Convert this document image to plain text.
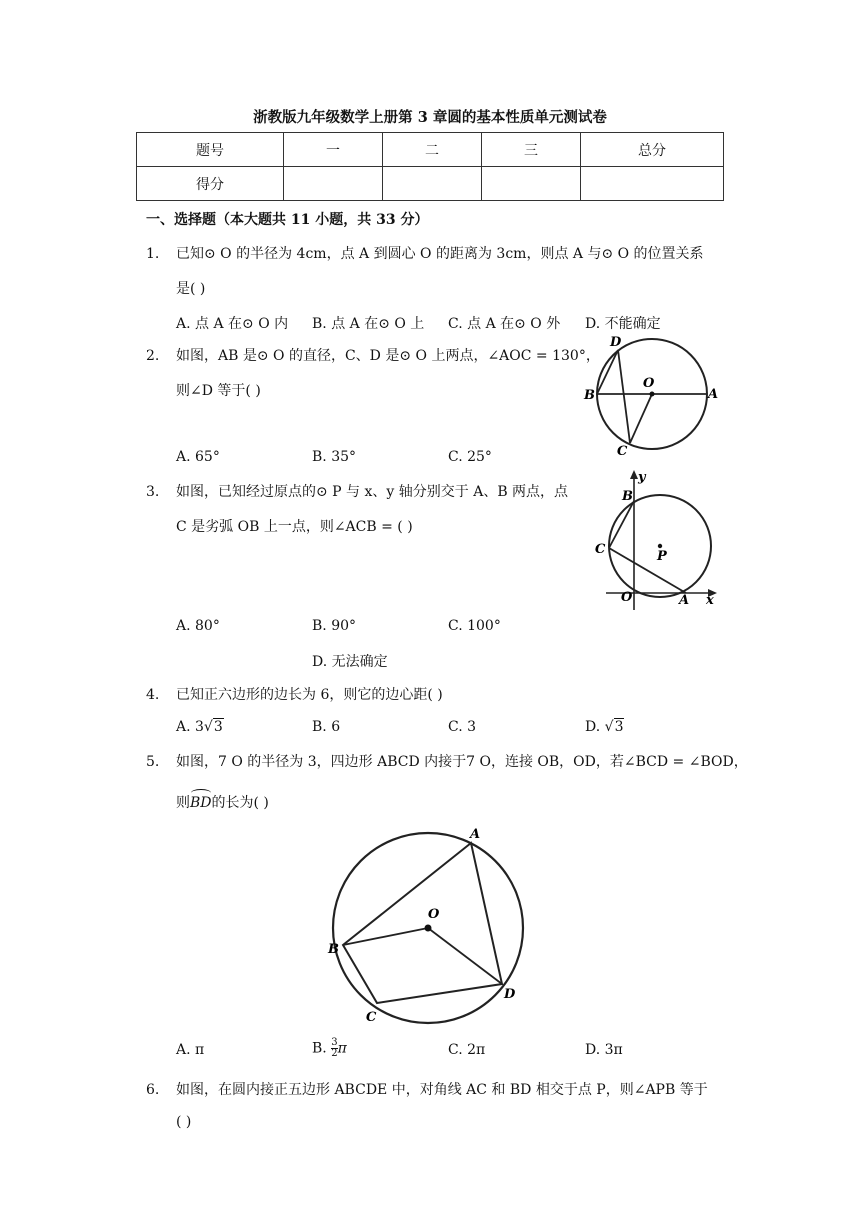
浙教版九年级数学上册第 3 章圆的基本性质单元测试卷
题号	一	二	三	总分
得分				
一、选择题（本大题共 11 小题，共 33 分）
1. 已知⊙ O 的半径为 4cm，点 A 到圆心 O 的距离为 3cm，则点 A 与⊙ O 的位置关系
是( )
A. 点 A 在⊙ O 内 B. 点 A 在⊙ O 上 C. 点 A 在⊙ O 外 D. 不能确定
2. 如图，AB 是⊙ O 的直径，C、D 是⊙ O 上两点，∠AOC = 130°，
则∠D 等于( )
A. 65°	B. 35°	C. 25°
D
O
B	A
C
3. 如图，已知经过原点的⊙ P 与 x、y 轴分别交于 A、B 两点，点
C 是劣弧 OB 上一点，则∠ACB = ( )
A. 80°	B. 90°	C. 100°
D. 无法确定
y
B
C	P
O	A x
4. 已知正六边形的边长为 6，则它的边心距( )
A. 3√3	B. 6	C. 3	D. √3
5. 如图，7 O 的半径为 3，四边形 ABCD 内接于7 O，连接 OB，OD，若∠BCD = ∠BOD，
则
BD的长为( )
A
O
B
D
C
A. π	B. $\frac{3}{2}$ π	C. 2π	D. 3π
6. 如图，在圆内接正五边形 ABCDE 中，对角线 AC 和 BD 相交于点 P，则∠APB 等于
( )
